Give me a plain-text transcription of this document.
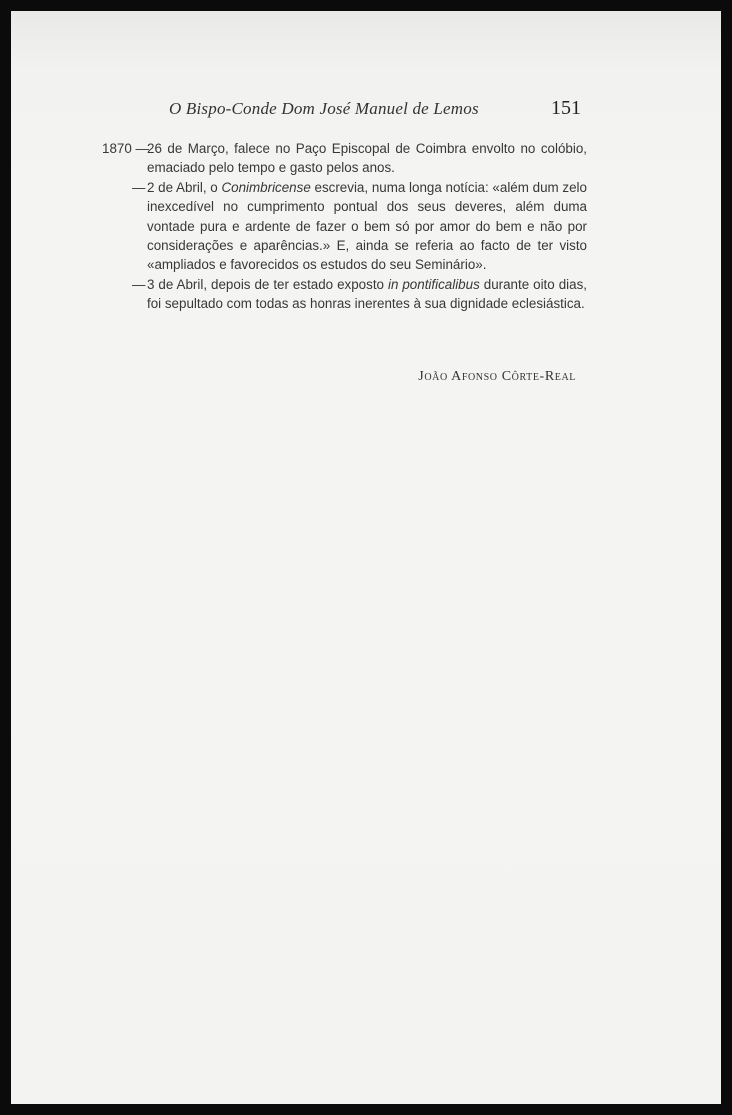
O Bispo-Conde Dom José Manuel de Lemos	151
1870 —
26 de Março, falece no Paço Episcopal de Coimbra envolto no colóbio, emaciado pelo tempo e gasto pelos anos.
— 2 de Abril, o Conimbricense escrevia, numa longa notícia: «além dum zelo inexcedível no cumprimento pontual dos seus deveres, além duma vontade pura e ardente de fazer o bem só por amor do bem e não por considerações e aparências.» E, ainda se referia ao facto de ter visto «ampliados e favorecidos os estudos do seu Seminário».
— 3 de Abril, depois de ter estado exposto in pontificalibus durante oito dias, foi sepultado com todas as honras inerentes à sua dignidade eclesiástica.
João Afonso Côrte-Real
